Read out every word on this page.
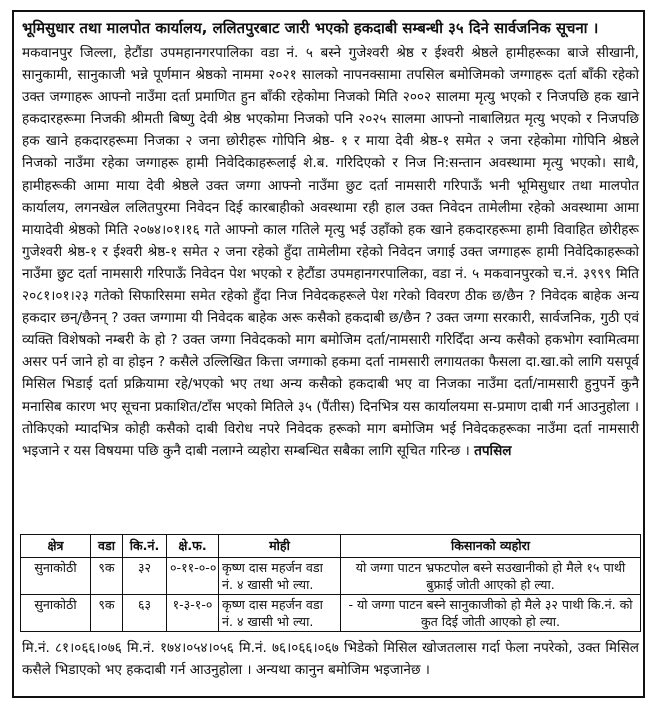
भूमिसुधार तथा मालपोत कार्यालय, ललितपुरबाट जारी भएको हकदाबी सम्बन्धी ३५ दिने सार्वजनिक सूचना ।

मकवानपुर जिल्ला, हेटौंडा उपमहानगरपालिका वडा नं. ५ बस्ने गुजेश्वरी श्रेष्ठ र ईश्वरी श्रेष्ठले हामीहरूका बाजे सीखानी, सानुकामी, सानुकाजी भन्ने पूर्णमान श्रेष्ठको नाममा २०२१ सालको नापनक्सामा तपसिल बमोजिमको जग्गाहरू दर्ता बाँकी रहेको उक्त जग्गाहरू आफ्नो नाउँमा दर्ता प्रमाणित हुन बाँकी रहेकोमा निजको मिति २००२ सालमा मृत्यु भएको र निजपछि हक खाने हकदारहरूमा निजकी श्रीमती बिष्णु देवी श्रेष्ठ भएकोमा निजको पनि २०२५ सालमा आफ्नो नाबालिग्रत मृत्यु भएको र निजपछि हक खाने हकदारहरूमा निजका २ जना छोरीहरू गोपिनि श्रेष्ठ- १ र माया देवी श्रेष्ठ-१ समेत २ जना रहेकोमा गोपिनि श्रेष्ठले निजको नाउँमा रहेका जग्गाहरू हामी निवेदिकाहरूलाई शे.ब. गरिदिएको र निज नि:सन्तान अवस्थामा मृत्यु भएको। साथै, हामीहरूकी आमा माया देवी श्रेष्ठले उक्त जग्गा आफ्नो नाउँमा छुट दर्ता नामसारी गरिपाऊँ भनी भूमिसुधार तथा मालपोत कार्यालय, लगनखेल ललितपुरमा निवेदन दिई कारबाहीको अवस्थामा रही हाल उक्त निवेदन तामेलीमा रहेको अवस्थामा आमा मायादेवी श्रेष्ठको मिति २०७४।०१।१६ गते आफ्नो काल गतिले मृत्यु भई उहाँको हक खाने हकदारहरूमा हामी विवाहित छोरीहरू गुजेश्वरी श्रेष्ठ-१ र ईश्वरी श्रेष्ठ-१ समेत २ जना रहेको हुँदा तामेलीमा रहेको निवेदन जगाई उक्त जग्गाहरू हामी निवेदिकाहरूको नाउँमा छुट दर्ता नामसारी गरिपाऊँ निवेदन पेश भएको र हेटौंडा उपमहानगरपालिका, वडा नं. ५ मकवानपुरको च.नं. ३९९९ मिति २०८१।०१।२३ गतेको सिफारिसमा समेत रहेको हुँदा निज निवेदकहरूले पेश गरेको विवरण ठीक छ/छैन ? निवेदक बाहेक अन्य हकदार छन्/छैनन् ? उक्त जग्गामा यी निवेदक बाहेक अरू कसैको हकदाबी छ/छैन ? उक्त जग्गा सरकारी, सार्वजनिक, गुठी एवं व्यक्ति विशेषको नम्बरी के हो ? उक्त जग्गा निवेदकको माग बमोजिम दर्ता/नामसारी गरिदिँदा अन्य कसैको हकभोग स्वामित्वमा असर पर्न जाने हो वा होइन ? कसैले उल्लिखित कित्ता जग्गाको हकमा दर्ता नामसारी लगायतका फैसला दा.खा.को लागि यसपूर्व मिसिल भिडाई दर्ता प्रक्रियामा रहे/भएको भए तथा अन्य कसैको हकदाबी भए वा निजका नाउँमा दर्ता/नामसारी हुनुपर्ने कुनै मनासिब कारण भए सूचना प्रकाशित/टाँस भएको मितिले ३५ (पैंतीस) दिनभित्र यस कार्यालयमा स-प्रमाण दाबी गर्न आउनुहोला । तोकिएको म्यादभित्र कोही कसैको दाबी विरोध नपरे निवेदक हरूको माग बमोजिम भई निवेदकहरूका नाउँमा दर्ता नामसारी भइजाने र यस विषयमा पछि कुनै दाबी नलाग्ने व्यहोरा सम्बन्धित सबैका लागि सूचित गरिन्छ । तपसिल

क्षेत्र	वडा	कि.नं.	क्षे.फ.	मोही	किसानको व्यहोरा
सुनाकोठी	९क	३२	०-११-०-०	कृष्ण दास महर्जन वडा नं. ४ खासी भो ल्या.	यो जग्गा पाटन भ्रफटपोल बस्ने सउखानीको हो मैले १५ पाथी बुफ्राई जोती आएको हो ल्या.
सुनाकोठी	९क	६३	१-३-१-०	कृष्ण दास महर्जन वडा नं. ४ खासी भो ल्या.	- यो जग्गा पाटन बस्ने सानुकाजीको हो मैले ३२ पाथी कि.नं. को कुत दिई जोती आएको हो ल्या.
मि.नं. ८१।०६६।०७६ मि.नं. १७४।०५४।०५६ मि.नं. ७६।०६६।०६७ भिडेको मिसिल खोजतलास गर्दा फेला नपरेको, उक्त मिसिल कसैले भिडाएको भए हकदाबी गर्न आउनुहोला । अन्यथा कानुन बमोजिम भइजानेछ ।
